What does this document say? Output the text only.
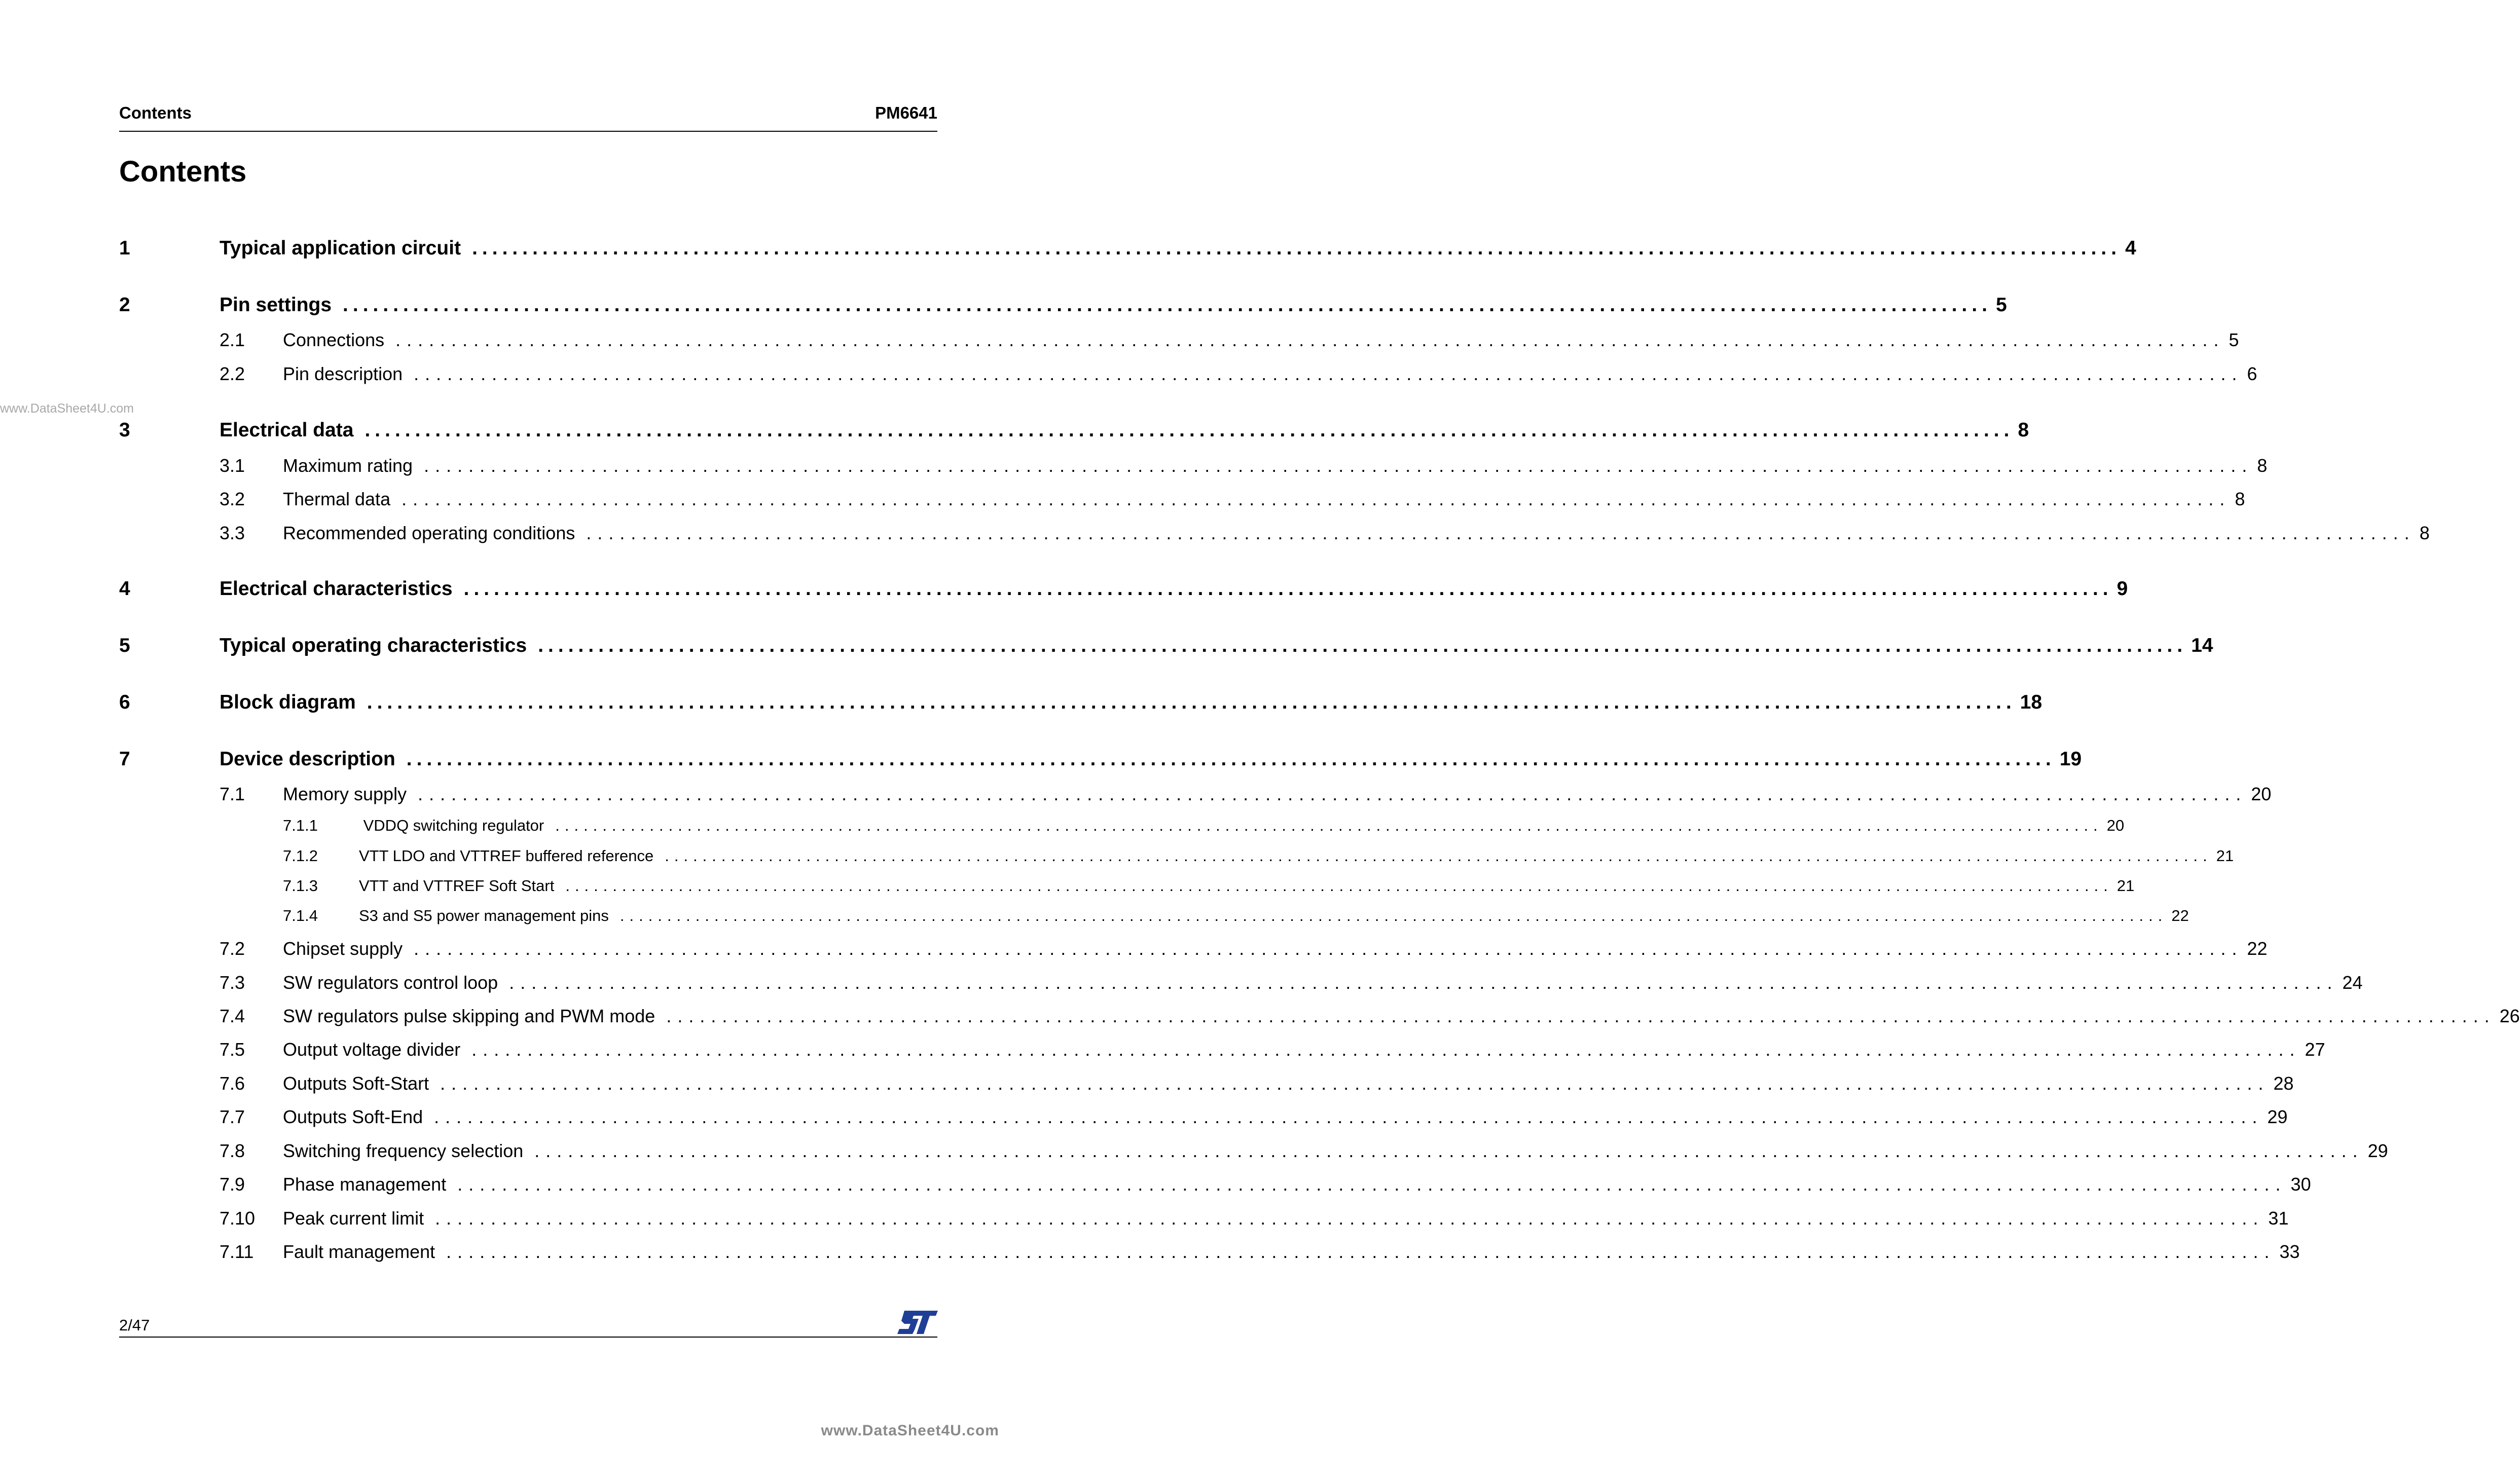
Contents	PM6641
Contents
www.DataSheet4U.com
1	Typical application circuit .................................................................................................................................................................... 4
2	Pin settings .................................................................................................................................................................... 5
2.1	Connections .................................................................................................................................................................... 5
2.2	Pin description .................................................................................................................................................................... 6
3	Electrical data .................................................................................................................................................................... 8
3.1	Maximum rating .................................................................................................................................................................... 8
3.2	Thermal data .................................................................................................................................................................... 8
3.3	Recommended operating conditions .................................................................................................................................................................... 8
4	Electrical characteristics .................................................................................................................................................................... 9
5	Typical operating characteristics .................................................................................................................................................................... 14
6	Block diagram .................................................................................................................................................................... 18
7	Device description .................................................................................................................................................................... 19
7.1	Memory supply .................................................................................................................................................................... 20
7.1.1	VDDQ switching regulator .................................................................................................................................................................... 20
7.1.2	VTT LDO and VTTREF buffered reference .................................................................................................................................................................... 21
7.1.3	VTT and VTTREF Soft Start .................................................................................................................................................................... 21
7.1.4	S3 and S5 power management pins .................................................................................................................................................................... 22
7.2	Chipset supply .................................................................................................................................................................... 22
7.3	SW regulators control loop .................................................................................................................................................................... 24
7.4	SW regulators pulse skipping and PWM mode .................................................................................................................................................................... 26
7.5	Output voltage divider .................................................................................................................................................................... 27
7.6	Outputs Soft-Start .................................................................................................................................................................... 28
7.7	Outputs Soft-End .................................................................................................................................................................... 29
7.8	Switching frequency selection .................................................................................................................................................................... 29
7.9	Phase management .................................................................................................................................................................... 30
7.10	Peak current limit .................................................................................................................................................................... 31
7.11	Fault management .................................................................................................................................................................... 33
2/47
www.DataSheet4U.com
